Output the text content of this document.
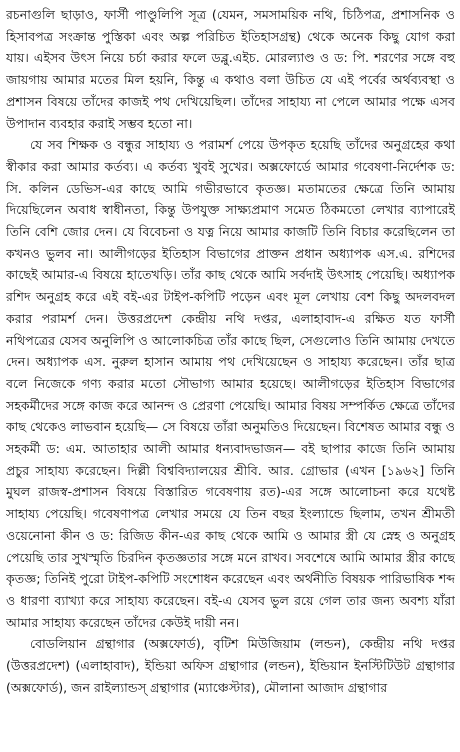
রচনাগুলি ছাড়াও, ফার্সী পাণ্ডুলিপি সূত্র (যেমন, সমসাময়িক নথি, চিঠিপত্র, প্রশাসনিক ও হিসাবপত্র সংক্রান্ত পুস্তিকা এবং অল্প পরিচিত ইতিহাসগ্রন্থ) থেকে অনেক কিছু যোগ করা যায়। এইসব উৎস নিয়ে চর্চা করার ফলে ডব্লু.এইচ. মোরল্যাণ্ড ও ড: পি. শরণের সঙ্গে বহু জায়গায় আমার মতের মিল হয়নি, কিন্তু এ কথাও বলা উচিত যে এই পর্বের অর্থব্যবস্থা ও প্রশাসন বিষয়ে তাঁদের কাজই পথ দেখিয়েছিল। তাঁদের সাহায্য না পেলে আমার পক্ষে এসব উপাদান ব্যবহার করাই সম্ভব হতো না।

যে সব শিক্ষক ও বন্ধুর সাহায্য ও পরামর্শ পেয়ে উপকৃত হয়েছি তাঁদের অনুগ্রহের কথা স্বীকার করা আমার কর্তব্য। এ কর্তব্য খুবই সুখের। অক্সফোর্ডে আমার গবেষণা-নির্দেশক ড: সি. কলিন ডেভিস-এর কাছে আমি গভীরভাবে কৃতজ্ঞ। মতামতের ক্ষেত্রে তিনি আমায় দিয়েছিলেন অবাধ স্বাধীনতা, কিন্তু উপযুক্ত সাক্ষ্যপ্রমাণ সমেত ঠিকমতো লেখার ব্যাপারেই তিনি বেশি জোর দেন। যে বিবেচনা ও যত্ন নিয়ে আমার কাজটি তিনি বিচার করেছিলেন তা কখনও ভুলব না। আলীগড়ের ইতিহাস বিভাগের প্রাক্তন প্রধান অধ্যাপক এস.এ. রশিদের কাছেই আমার-এ বিষয়ে হাতেখড়ি। তাঁর কাছ থেকে আমি সর্বদাই উৎসাহ পেয়েছি। অধ্যাপক রশিদ অনুগ্রহ করে এই বই-এর টাইপ-কপিটি পড়েন এবং মূল লেখায় বেশ কিছু অদলবদল করার পরামর্শ দেন। উত্তরপ্রদেশ কেন্দ্রীয় নথি দপ্তর, এলাহাবাদ-এ রক্ষিত যত ফার্সী নথিপত্রের যেসব অনুলিপি ও আলোকচিত্র তাঁর কাছে ছিল, সেগুলোও তিনি আমায় দেখতে দেন। অধ্যাপক এস. নুরুল হাসান আমায় পথ দেখিয়েছেন ও সাহায্য করেছেন। তাঁর ছাত্র বলে নিজেকে গণ্য করার মতো সৌভাগ্য আমার হয়েছে। আলীগড়ের ইতিহাস বিভাগের সহকর্মীদের সঙ্গে কাজ করে আনন্দ ও প্রেরণা পেয়েছি। আমার বিষয় সম্পর্কিত ক্ষেত্রে তাঁদের কাছ থেকেও লাভবান হয়েছি— সে বিষয়ে তাঁরা অনুমতিও দিয়েছেন। বিশেষত আমার বন্ধু ও সহকর্মী ড: এম. আতাহার আলী আমার ধন্যবাদভাজন— বই ছাপার কাজে তিনি আমায় প্রচুর সাহায্য করেছেন। দিল্লী বিশ্ববিদ্যালয়ের শ্রীবি. আর. গ্রোভার (এখন [১৯৬২] তিনি মুঘল রাজস্ব-প্রশাসন বিষয়ে বিস্তারিত গবেষণায় রত)-এর সঙ্গে আলোচনা করে যথেষ্ট সাহায্য পেয়েছি। গবেষণাপত্র লেখার সময়ে যে তিন বছর ইংল্যান্ডে ছিলাম, তখন শ্রীমতী ওয়েনোনা কীন ও ড: রিজিড কীন-এর কাছ থেকে আমি ও আমার স্ত্রী যে স্নেহ ও অনুগ্রহ পেয়েছি তার সুখস্মৃতি চিরদিন কৃতজ্ঞতার সঙ্গে মনে রাখব। সবশেষে আমি আমার স্ত্রীর কাছে কৃতজ্ঞ; তিনিই পুরো টাইপ-কপিটি সংশোধন করেছেন এবং অর্থনীতি বিষয়ক পারিভাষিক শব্দ ও ধারণা ব্যাখ্যা করে সাহায্য করেছেন। বই-এ যেসব ভুল রয়ে গেল তার জন্য অবশ্য যাঁরা আমার সাহায্য করেছেন তাঁদের কেউই দায়ী নন।

বোডলিয়ান গ্রন্থাগার (অক্সফোর্ড), বৃটিশ মিউজিয়াম (লন্ডন), কেন্দ্রীয় নথি দপ্তর (উত্তরপ্রদেশ) (এলাহাবাদ), ইন্ডিয়া অফিস গ্রন্থাগার (লন্ডন), ইন্ডিয়ান ইনস্টিটিউট গ্রন্থাগার (অক্সফোর্ড), জন রাইল্যান্ডস্ গ্রন্থাগার (ম্যাঞ্চেস্টার), মৌলানা আজাদ গ্রন্থাগার
